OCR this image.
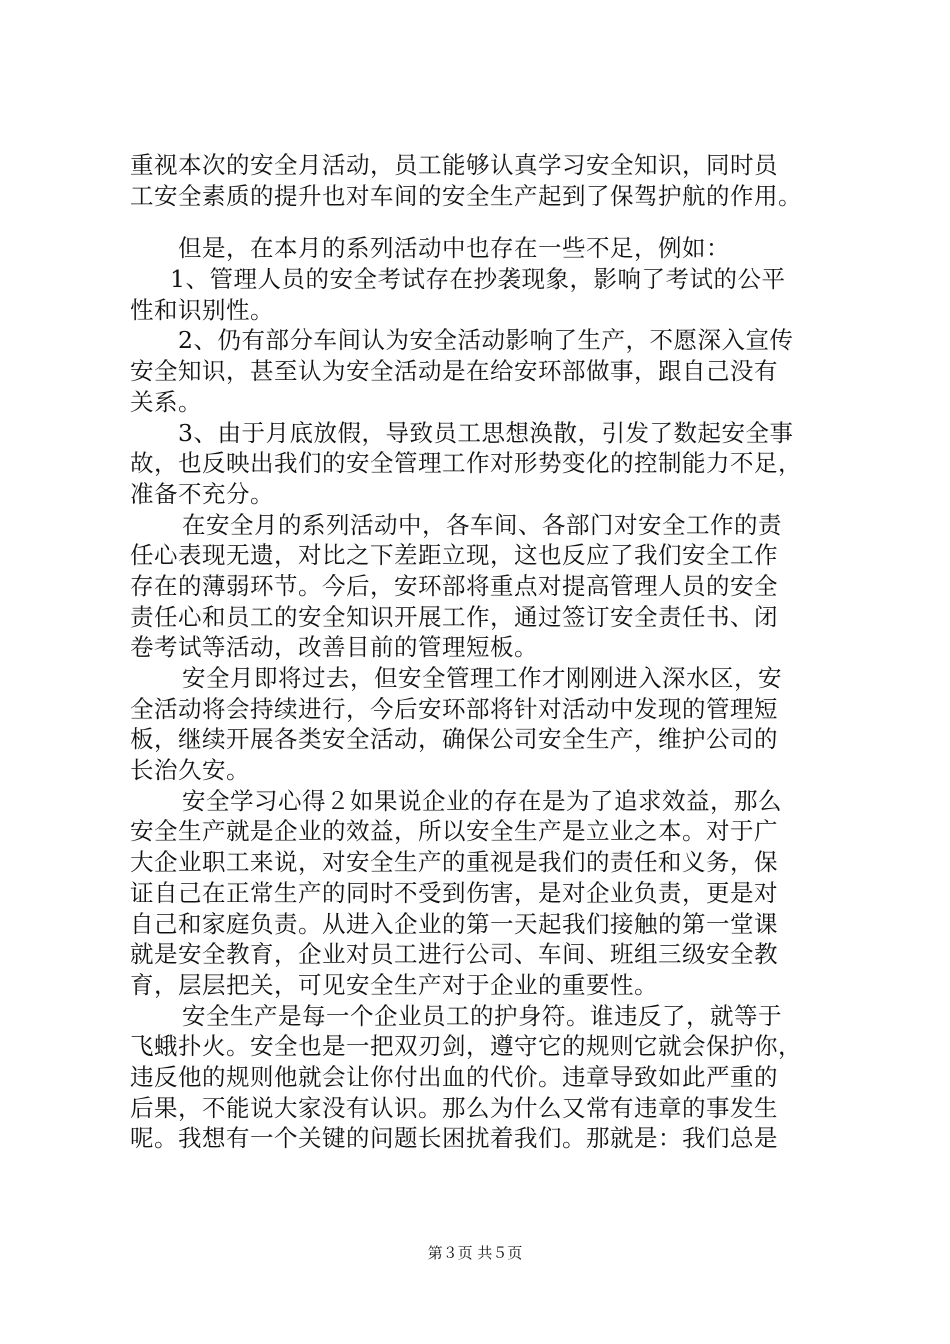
重视本次的安全月活动，员工能够认真学习安全知识，同时员
工安全素质的提升也对车间的安全生产起到了保驾护航的作用。
但是，在本月的系列活动中也存在一些不足，例如：
1、管理人员的安全考试存在抄袭现象，影响了考试的公平
性和识别性。
2、仍有部分车间认为安全活动影响了生产，不愿深入宣传
安全知识，甚至认为安全活动是在给安环部做事，跟自己没有
关系。
3、由于月底放假，导致员工思想涣散，引发了数起安全事
故，也反映出我们的安全管理工作对形势变化的控制能力不足，
准备不充分。
在安全月的系列活动中，各车间、各部门对安全工作的责
任心表现无遗，对比之下差距立现，这也反应了我们安全工作
存在的薄弱环节。今后，安环部将重点对提高管理人员的安全
责任心和员工的安全知识开展工作，通过签订安全责任书、闭
卷考试等活动，改善目前的管理短板。
安全月即将过去，但安全管理工作才刚刚进入深水区，安
全活动将会持续进行，今后安环部将针对活动中发现的管理短
板，继续开展各类安全活动，确保公司安全生产，维护公司的
长治久安。
安全学习心得２如果说企业的存在是为了追求效益，那么
安全生产就是企业的效益，所以安全生产是立业之本。对于广
大企业职工来说，对安全生产的重视是我们的责任和义务，保
证自己在正常生产的同时不受到伤害，是对企业负责，更是对
自己和家庭负责。从进入企业的第一天起我们接触的第一堂课
就是安全教育，企业对员工进行公司、车间、班组三级安全教
育，层层把关，可见安全生产对于企业的重要性。
安全生产是每一个企业员工的护身符。谁违反了，就等于
飞蛾扑火。安全也是一把双刃剑，遵守它的规则它就会保护你，
违反他的规则他就会让你付出血的代价。违章导致如此严重的
后果，不能说大家没有认识。那么为什么又常有违章的事发生
呢。我想有一个关键的问题长困扰着我们。那就是：我们总是
第３页 共５页
